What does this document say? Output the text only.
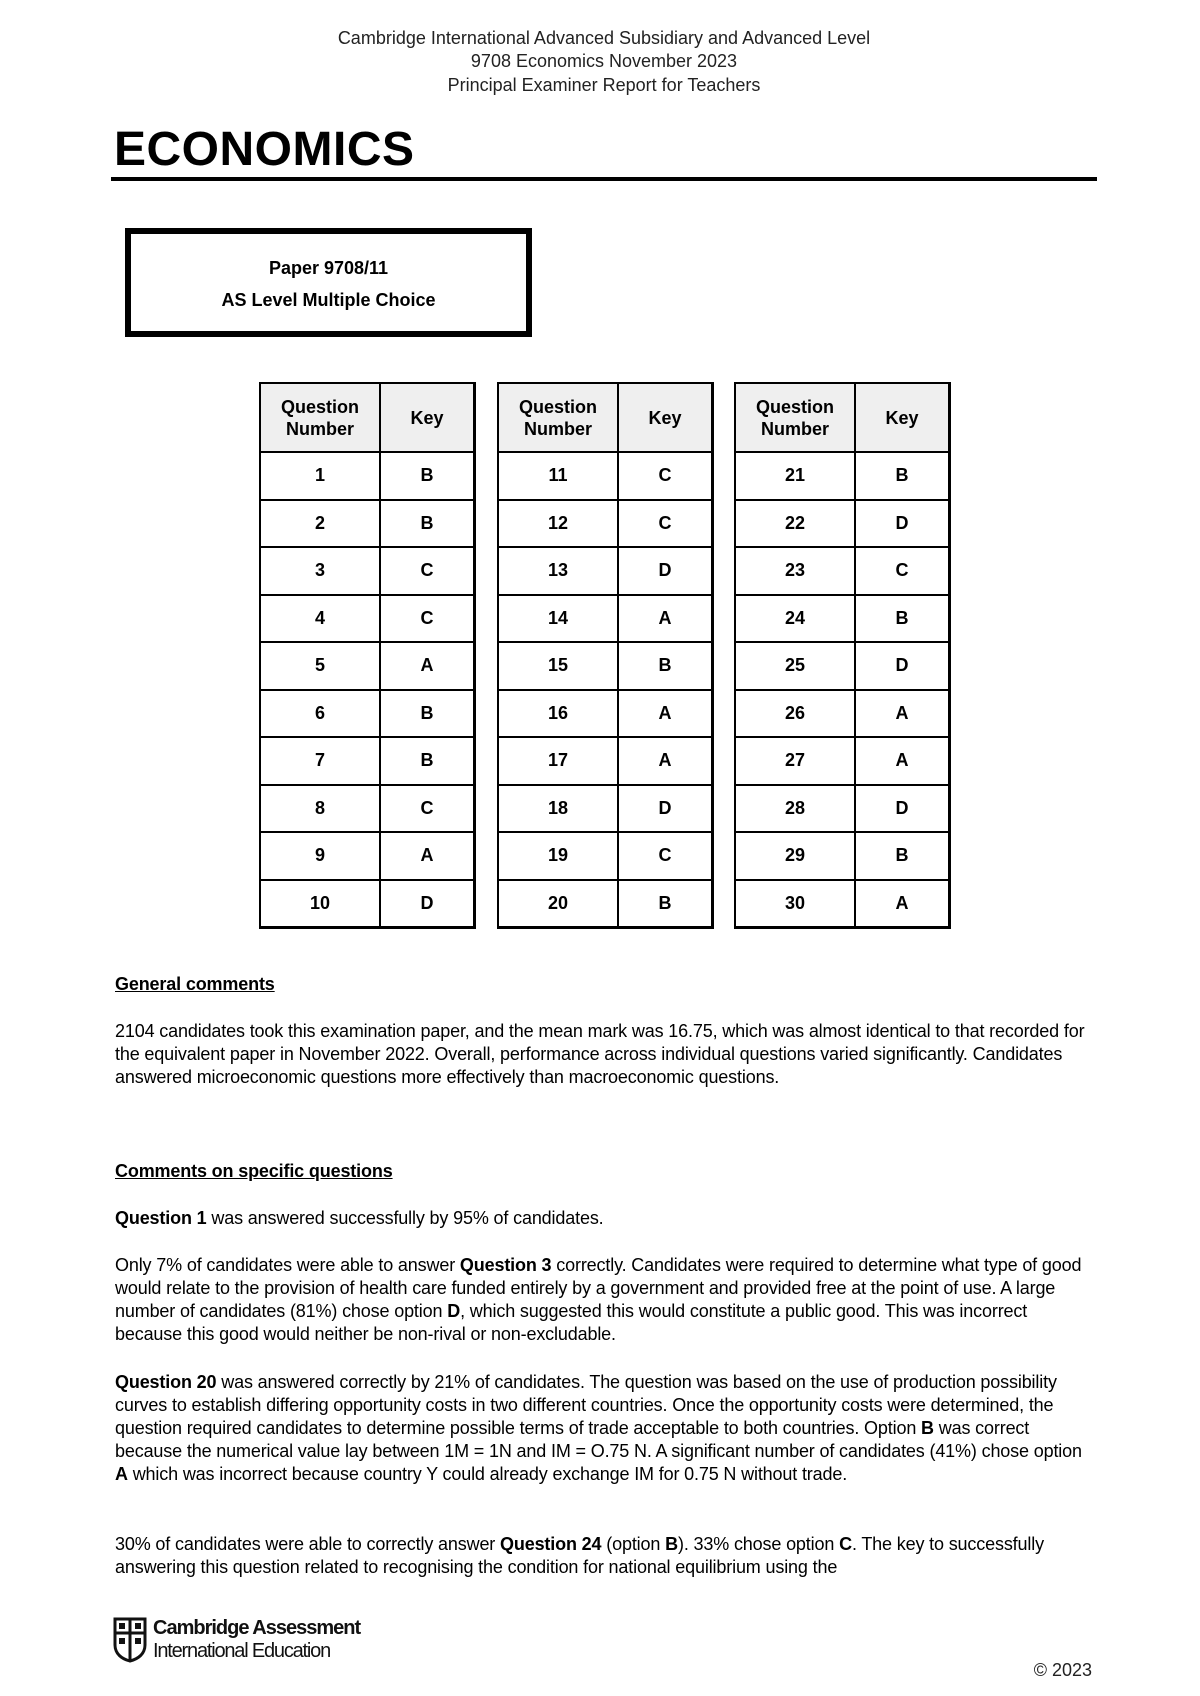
Cambridge International Advanced Subsidiary and Advanced Level
9708 Economics November 2023
Principal Examiner Report for Teachers
ECONOMICS
Paper 9708/11
AS Level Multiple Choice
Question
Number	Key
1	B
2	B
3	C
4	C
5	A
6	B
7	B
8	C
9	A
10	D
Question
Number	Key
11	C
12	C
13	D
14	A
15	B
16	A
17	A
18	D
19	C
20	B
Question
Number	Key
21	B
22	D
23	C
24	B
25	D
26	A
27	A
28	D
29	B
30	A
General comments
2104 candidates took this examination paper, and the mean mark was 16.75, which was almost identical to that recorded for the equivalent paper in November 2022. Overall, performance across individual questions varied significantly. Candidates answered microeconomic questions more effectively than macroeconomic questions.
Comments on specific questions
Question 1 was answered successfully by 95% of candidates.
Only 7% of candidates were able to answer Question 3 correctly. Candidates were required to determine what type of good would relate to the provision of health care funded entirely by a government and provided free at the point of use. A large number of candidates (81%) chose option D, which suggested this would constitute a public good. This was incorrect because this good would neither be non-rival or non-excludable.
Question 20 was answered correctly by 21% of candidates. The question was based on the use of production possibility curves to establish differing opportunity costs in two different countries. Once the opportunity costs were determined, the question required candidates to determine possible terms of trade acceptable to both countries. Option B was correct because the numerical value lay between 1M = 1N and IM = O.75 N. A significant number of candidates (41%) chose option A which was incorrect because country Y could already exchange IM for 0.75 N without trade.
30% of candidates were able to correctly answer Question 24 (option B). 33% chose option C. The key to successfully answering this question related to recognising the condition for national equilibrium using the
Cambridge Assessment
International Education
© 2023
